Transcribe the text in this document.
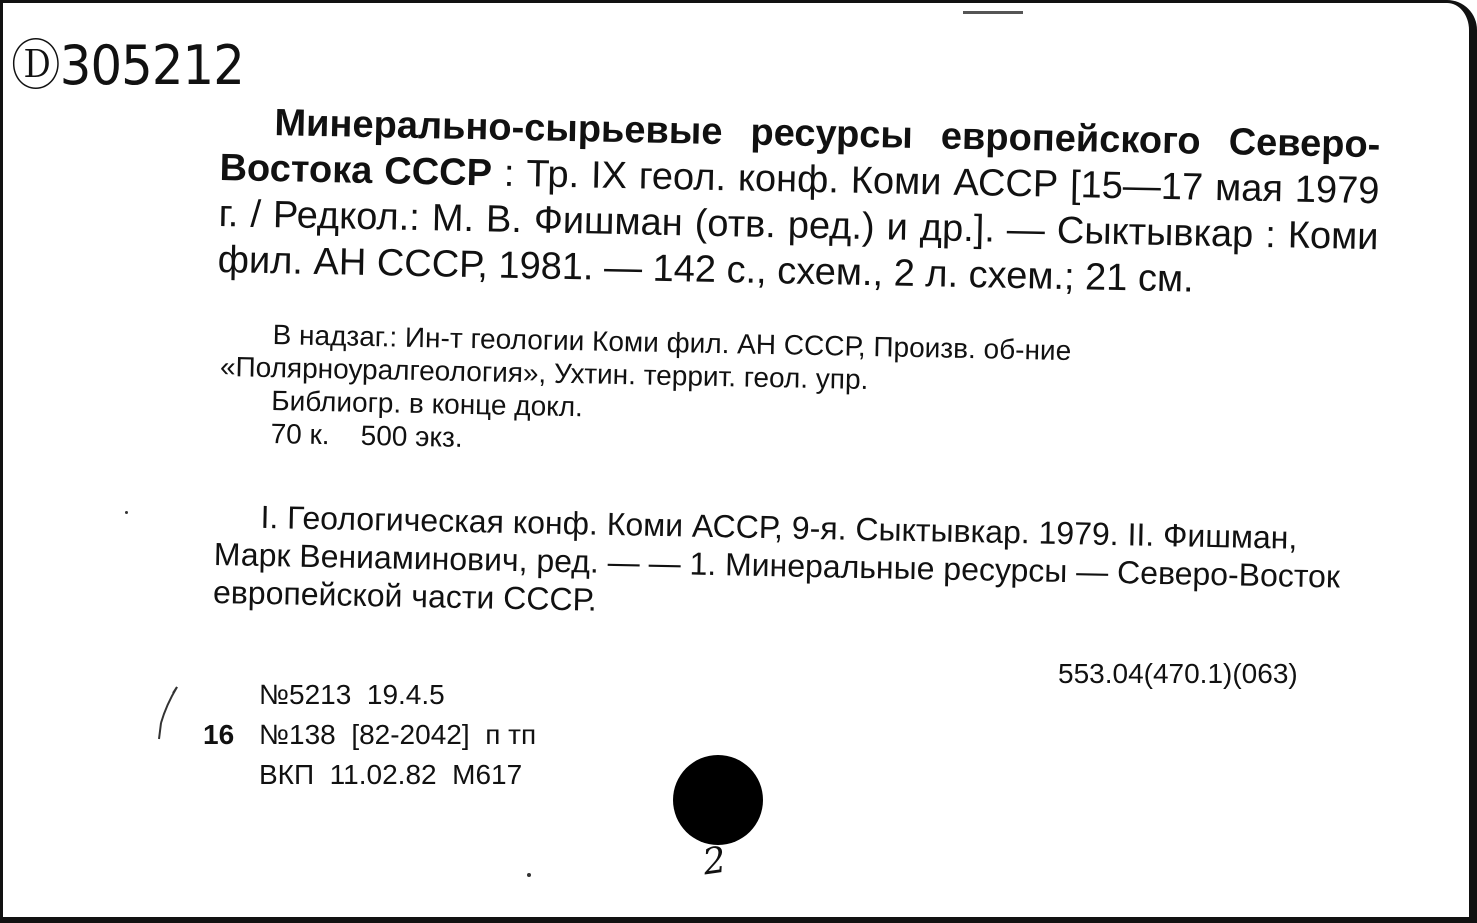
Ⓓ305212
Минерально-сырьевые ресурсы европейского Северо-Востока СССР : Тр. IX геол. конф. Коми АССР [15—17 мая 1979 г. / Редкол.: М. В. Фишман (отв. ред.) и др.]. — Сыктывкар : Коми фил. АН СССР, 1981. — 142 с., схем., 2 л. схем.; 21 см.

В надзаг.: Ин-т геологии Коми фил. АН СССР, Произв. об-ние «Полярноуралгеология», Ухтин. террит. геол. упр.

Библиогр. в конце докл.

70 к.    500 экз.

I. Геологическая конф. Коми АССР, 9-я. Сыктывкар. 1979. II. Фишман, Марк Вениаминович, ред. — — 1. Минеральные ресурсы — Северо-Восток европейской части СССР.
553.04(470.1)(063)
№5213  19.4.5
16 №138  [82-2042]  п тп
ВКП  11.02.82  М617
2
